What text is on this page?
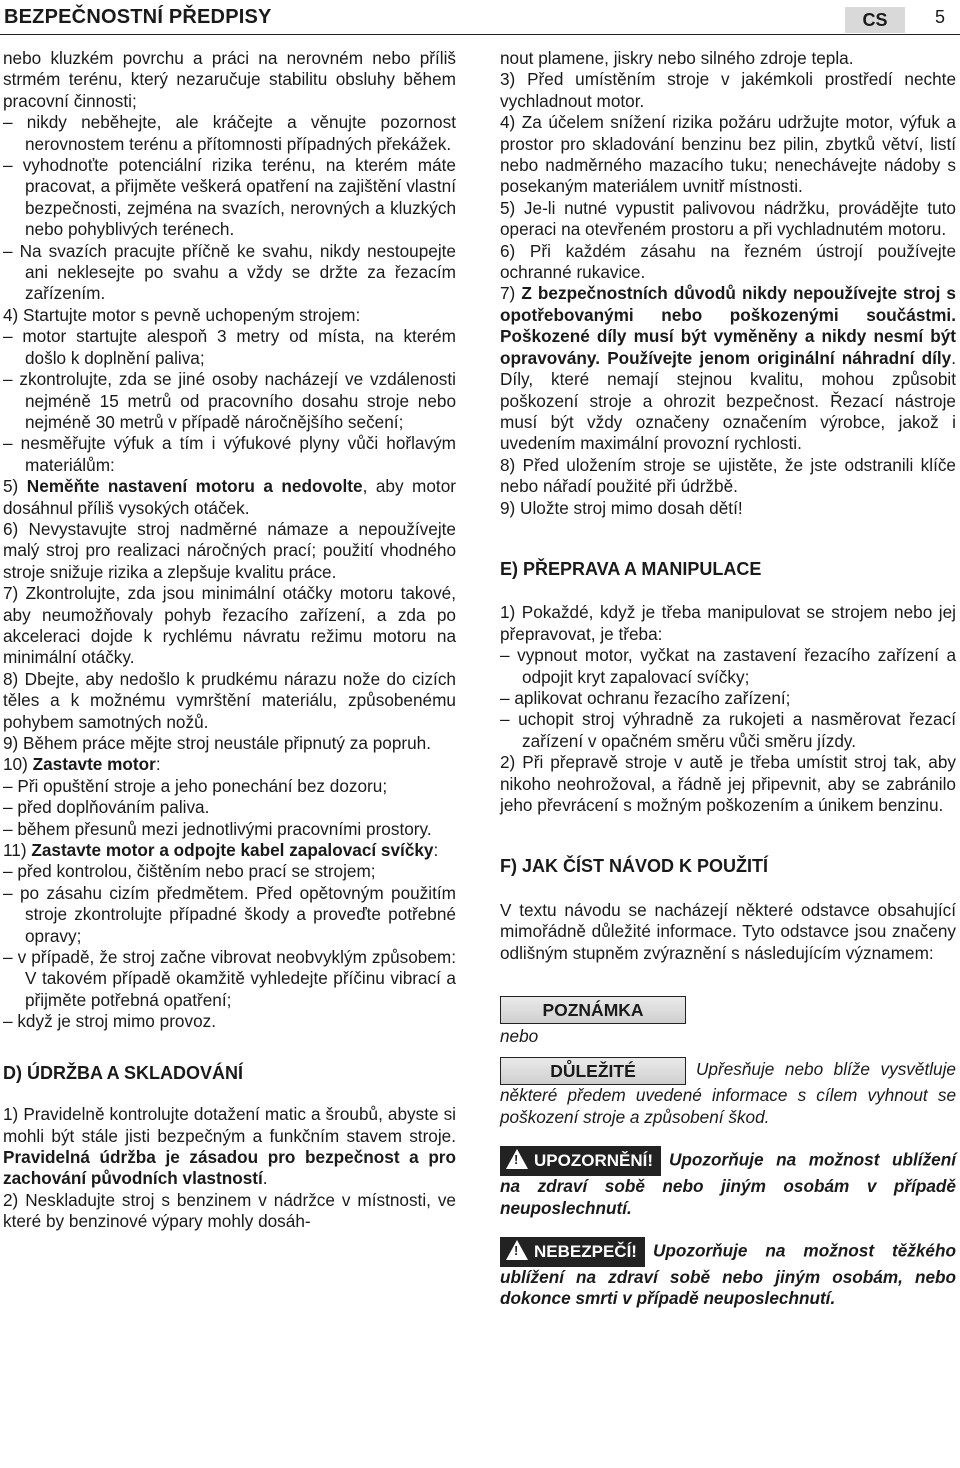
BEZPEČNOSTNÍ PŘEDPISY	CS	5

nebo kluzkém povrchu a práci na nerovném nebo příliš strmém terénu, který nezaručuje stabilitu obsluhy během pracovní činnosti;

– nikdy neběhejte, ale kráčejte a věnujte pozornost nerovnostem terénu a přítomnosti případných překážek.

– vyhodnoťte potenciální rizika terénu, na kterém máte pracovat, a přijměte veškerá opatření na zajištění vlastní bezpečnosti, zejména na svazích, nerovných a kluzkých nebo pohyblivých terénech.

– Na svazích pracujte příčně ke svahu, nikdy nestoupejte ani neklesejte po svahu a vždy se držte za řezacím zařízením.

4) Startujte motor s pevně uchopeným strojem:

– motor startujte alespoň 3 metry od místa, na kterém došlo k doplnění paliva;

– zkontrolujte, zda se jiné osoby nacházejí ve vzdálenosti nejméně 15 metrů od pracovního dosahu stroje nebo nejméně 30 metrů v případě náročnějšího sečení;

– nesměřujte výfuk a tím i výfukové plyny vůči hořlavým materiálům:

5) Neměňte nastavení motoru a nedovolte, aby motor dosáhnul příliš vysokých otáček.

6) Nevystavujte stroj nadměrné námaze a nepoužívejte malý stroj pro realizaci náročných prací; použití vhodného stroje snižuje rizika a zlepšuje kvalitu práce.

7) Zkontrolujte, zda jsou minimální otáčky motoru takové, aby neumožňovaly pohyb řezacího zařízení, a zda po akceleraci dojde k rychlému návratu režimu motoru na minimální otáčky.

8) Dbejte, aby nedošlo k prudkému nárazu nože do cizích těles a k možnému vymrštění materiálu, způsobenému pohybem samotných nožů.

9) Během práce mějte stroj neustále připnutý za popruh.

10) Zastavte motor:

– Při opuštění stroje a jeho ponechání bez dozoru;

– před doplňováním paliva.

– během přesunů mezi jednotlivými pracovními prostory.

11) Zastavte motor a odpojte kabel zapalovací svíčky:

– před kontrolou, čištěním nebo prací se strojem;

– po zásahu cizím předmětem. Před opětovným použitím stroje zkontrolujte případné škody a proveďte potřebné opravy;

– v případě, že stroj začne vibrovat neobvyklým způsobem: V takovém případě okamžitě vyhledejte příčinu vibrací a přijměte potřebná opatření;

– když je stroj mimo provoz.

D) ÚDRŽBA A SKLADOVÁNÍ

1) Pravidelně kontrolujte dotažení matic a šroubů, abyste si mohli být stále jisti bezpečným a funkčním stavem stroje. Pravidelná údržba je zásadou pro bezpečnost a pro zachování původních vlastností.

2) Neskladujte stroj s benzinem v nádržce v místnosti, ve které by benzinové výpary mohly dosáh-

nout plamene, jiskry nebo silného zdroje tepla.

3) Před umístěním stroje v jakémkoli prostředí nechte vychladnout motor.

4) Za účelem snížení rizika požáru udržujte motor, výfuk a prostor pro skladování benzinu bez pilin, zbytků větví, listí nebo nadměrného mazacího tuku; nenechávejte nádoby s posekaným materiálem uvnitř místnosti.

5) Je-li nutné vypustit palivovou nádržku, provádějte tuto operaci na otevřeném prostoru a při vychladnutém motoru.

6) Při každém zásahu na řezném ústrojí používejte ochranné rukavice.

7) Z bezpečnostních důvodů nikdy nepoužívejte stroj s opotřebovanými nebo poškozenými součástmi. Poškozené díly musí být vyměněny a nikdy nesmí být opravovány. Používejte jenom originální náhradní díly. Díly, které nemají stejnou kvalitu, mohou způsobit poškození stroje a ohrozit bezpečnost. Řezací nástroje musí být vždy označeny označením výrobce, jakož i uvedením maximální provozní rychlosti.

8) Před uložením stroje se ujistěte, že jste odstranili klíče nebo nářadí použité při údržbě.

9) Uložte stroj mimo dosah dětí!

E) PŘEPRAVA A MANIPULACE

1) Pokaždé, když je třeba manipulovat se strojem nebo jej přepravovat, je třeba:

– vypnout motor, vyčkat na zastavení řezacího zařízení a odpojit kryt zapalovací svíčky;

– aplikovat ochranu řezacího zařízení;

– uchopit stroj výhradně za rukojeti a nasměrovat řezací zařízení v opačném směru vůči směru jízdy.

2) Při přepravě stroje v autě je třeba umístit stroj tak, aby nikoho neohrožoval, a řádně jej připevnit, aby se zabránilo jeho převrácení s možným poškozením a únikem benzinu.

F) JAK ČÍST NÁVOD K POUŽITÍ

V textu návodu se nacházejí některé odstavce obsahující mimořádně důležité informace. Tyto odstavce jsou značeny odlišným stupněm zvýraznění s následujícím významem:

POZNÁMKA

nebo

DŮLEŽITÉ	Upřesňuje nebo blíže vysvětluje některé předem uvedené informace s cílem vyhnout se poškození stroje a způsobení škod.

! UPOZORNĚNÍ! Upozorňuje na možnost ublížení na zdraví sobě nebo jiným osobám v případě neuposlechnutí.

! NEBEZPEČÍ! Upozorňuje na možnost těžkého ublížení na zdraví sobě nebo jiným osobám, nebo dokonce smrti v případě neuposlechnutí.
